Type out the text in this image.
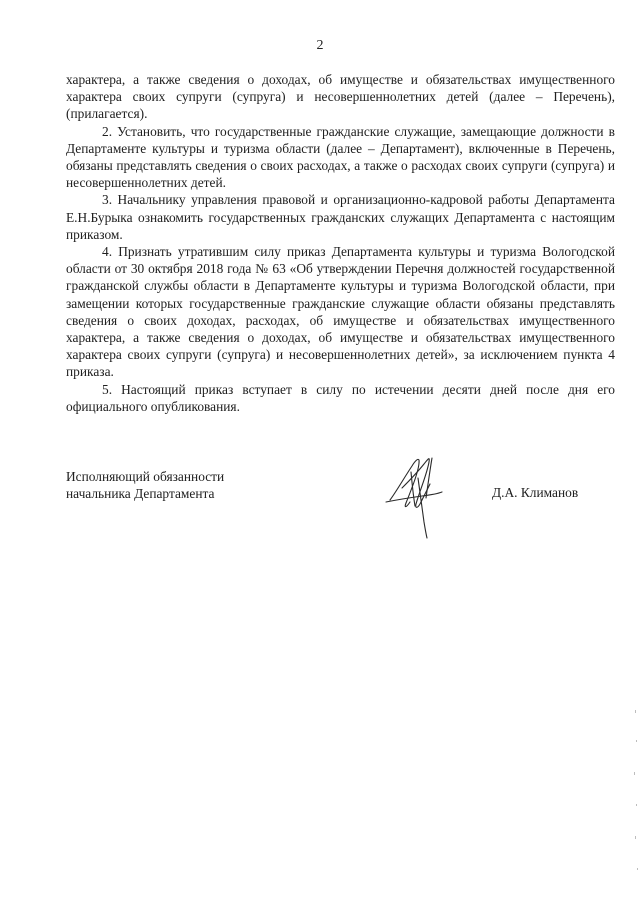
2

характера, а также сведения о доходах, об имуществе и обязательствах имущественного характера своих супруги (супруга) и несовершеннолетних детей (далее – Перечень), (прилагается).

2. Установить, что государственные гражданские служащие, замещающие должности в Департаменте культуры и туризма области (далее – Департамент), включенные в Перечень, обязаны представлять сведения о своих расходах, а также о расходах своих супруги (супруга) и несовершеннолетних детей.

3. Начальнику управления правовой и организационно-кадровой работы Департамента Е.Н.Бурыка ознакомить государственных гражданских служащих Департамента с настоящим приказом.

4. Признать утратившим силу приказ Департамента культуры и туризма Вологодской области от 30 октября 2018 года № 63 «Об утверждении Перечня должностей государственной гражданской службы области в Департаменте культуры и туризма Вологодской области, при замещении которых государственные гражданские служащие области обязаны представлять сведения о своих доходах, расходах, об имуществе и обязательствах имущественного характера, а также сведения о доходах, об имуществе и обязательствах имущественного характера своих супруги (супруга) и несовершеннолетних детей», за исключением пункта 4 приказа.

5. Настоящий приказ вступает в силу по истечении десяти дней после дня его официального опубликования.

Исполняющий обязанности
начальника Департамента	Д.А. Климанов
